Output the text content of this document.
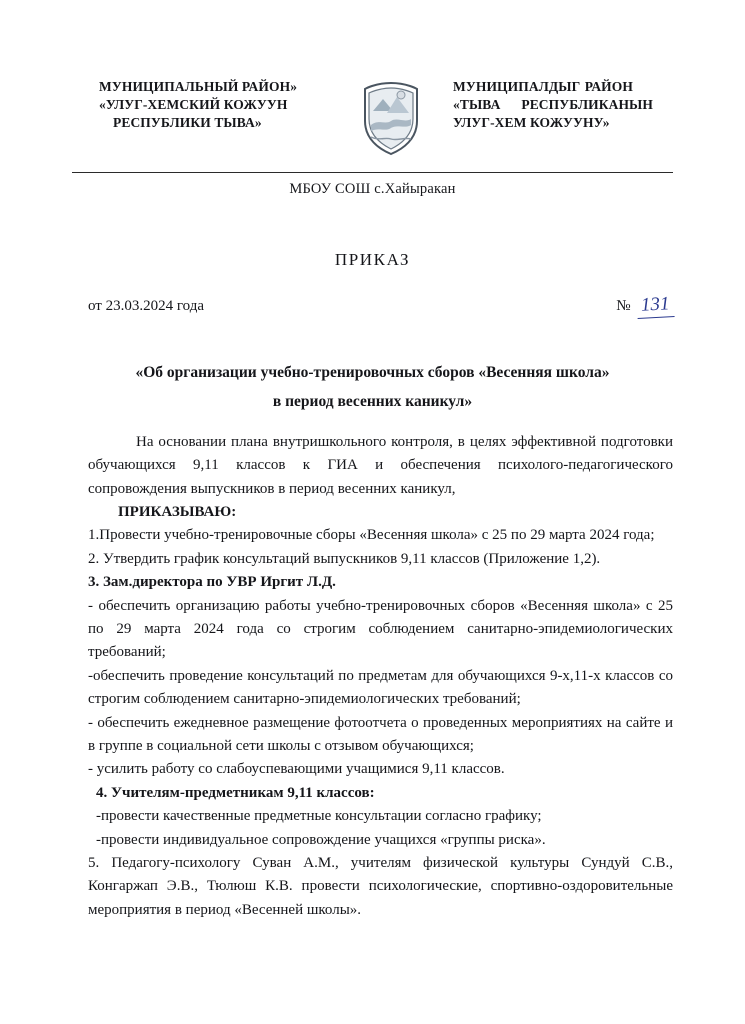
МУНИЦИПАЛЬНЫЙ РАЙОН»
«УЛУГ-ХЕМСКИЙ КОЖУУН
РЕСПУБЛИКИ ТЫВА»
МУНИЦИПАЛДЫГ РАЙОН
«ТЫВА РЕСПУБЛИКАНЫН
УЛУГ-ХЕМ КОЖУУНУ»
МБОУ СОШ с.Хайыракан
ПРИКАЗ
от 23.03.2024 года	№ 131
«Об организации учебно-тренировочных сборов «Весенняя школа»
в период весенних каникул»

На основании плана внутришкольного контроля, в целях эффективной подготовки обучающихся 9,11 классов к ГИА и обеспечения психолого-педагогического сопровождения выпускников в период весенних каникул,

ПРИКАЗЫВАЮ:

1.Провести учебно-тренировочные сборы «Весенняя школа» с 25 по 29 марта 2024 года;

2. Утвердить график консультаций выпускников 9,11 классов (Приложение 1,2).

3. Зам.директора по УВР Иргит Л.Д.

- обеспечить организацию работы учебно-тренировочных сборов «Весенняя школа» с 25 по 29 марта 2024 года со строгим соблюдением санитарно-эпидемиологических требований;

-обеспечить проведение консультаций по предметам для обучающихся 9-х,11-х классов со строгим соблюдением санитарно-эпидемиологических требований;

- обеспечить ежедневное размещение фотоотчета о проведенных мероприятиях на сайте и в группе в социальной сети школы с отзывом обучающихся;

- усилить работу со слабоуспевающими учащимися 9,11 классов.

4. Учителям-предметникам 9,11 классов:

-провести качественные предметные консультации согласно графику;

-провести индивидуальное сопровождение учащихся «группы риска».

5. Педагогу-психологу Суван А.М., учителям физической культуры Сундуй С.В., Конгаржап Э.В., Тюлюш К.В. провести психологические, спортивно-оздоровительные мероприятия в период «Весенней школы».
